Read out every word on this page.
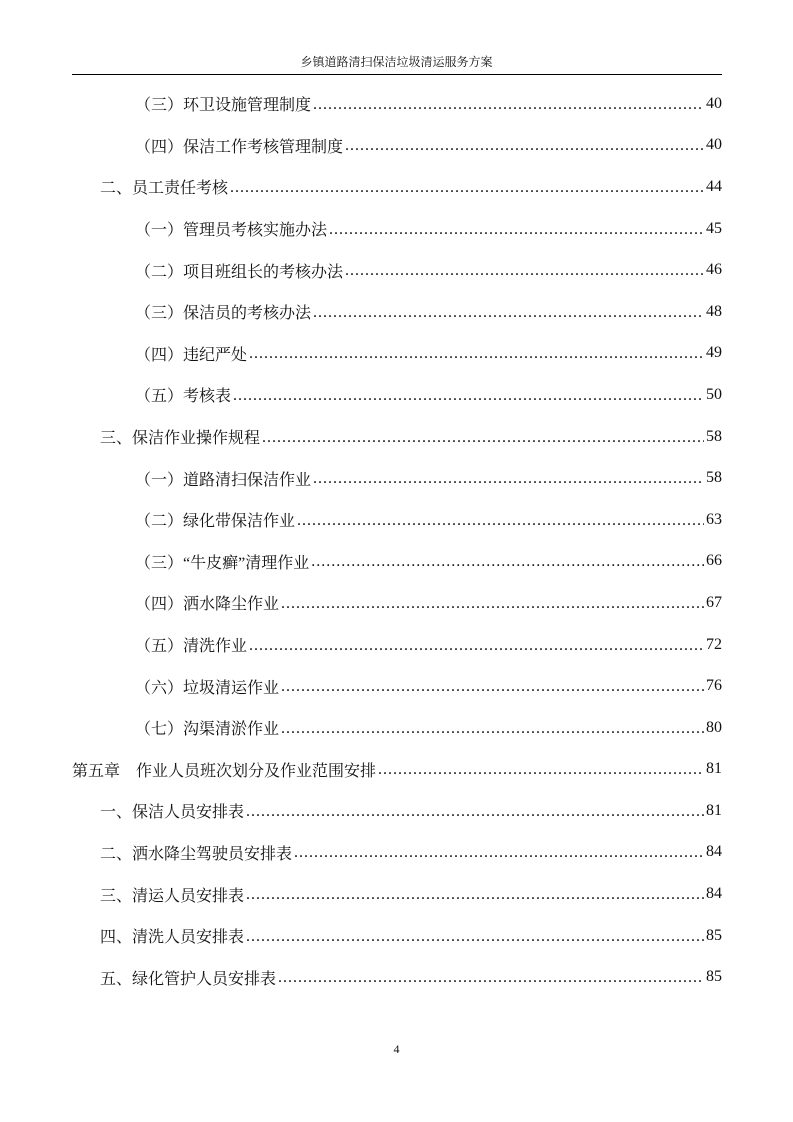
乡镇道路清扫保洁垃圾清运服务方案
（三）环卫设施管理制度 .....	40
（四）保洁工作考核管理制度 .....	40
二、员工责任考核 .....	44
（一）管理员考核实施办法 .....	45
（二）项目班组长的考核办法 .....	46
（三）保洁员的考核办法 .....	48
（四）违纪严处 .....	49
（五）考核表 .....	50
三、保洁作业操作规程 .....	58
（一）道路清扫保洁作业 .....	58
（二）绿化带保洁作业 .....	63
（三）“牛皮癣”清理作业 .....	66
（四）洒水降尘作业 .....	67
（五）清洗作业 .....	72
（六）垃圾清运作业 .....	76
（七）沟渠清淤作业 .....	80
第五章　作业人员班次划分及作业范围安排 .....	81
一、保洁人员安排表 .....	81
二、洒水降尘驾驶员安排表 .....	84
三、清运人员安排表 .....	84
四、清洗人员安排表 .....	85
五、绿化管护人员安排表 .....	85
4
